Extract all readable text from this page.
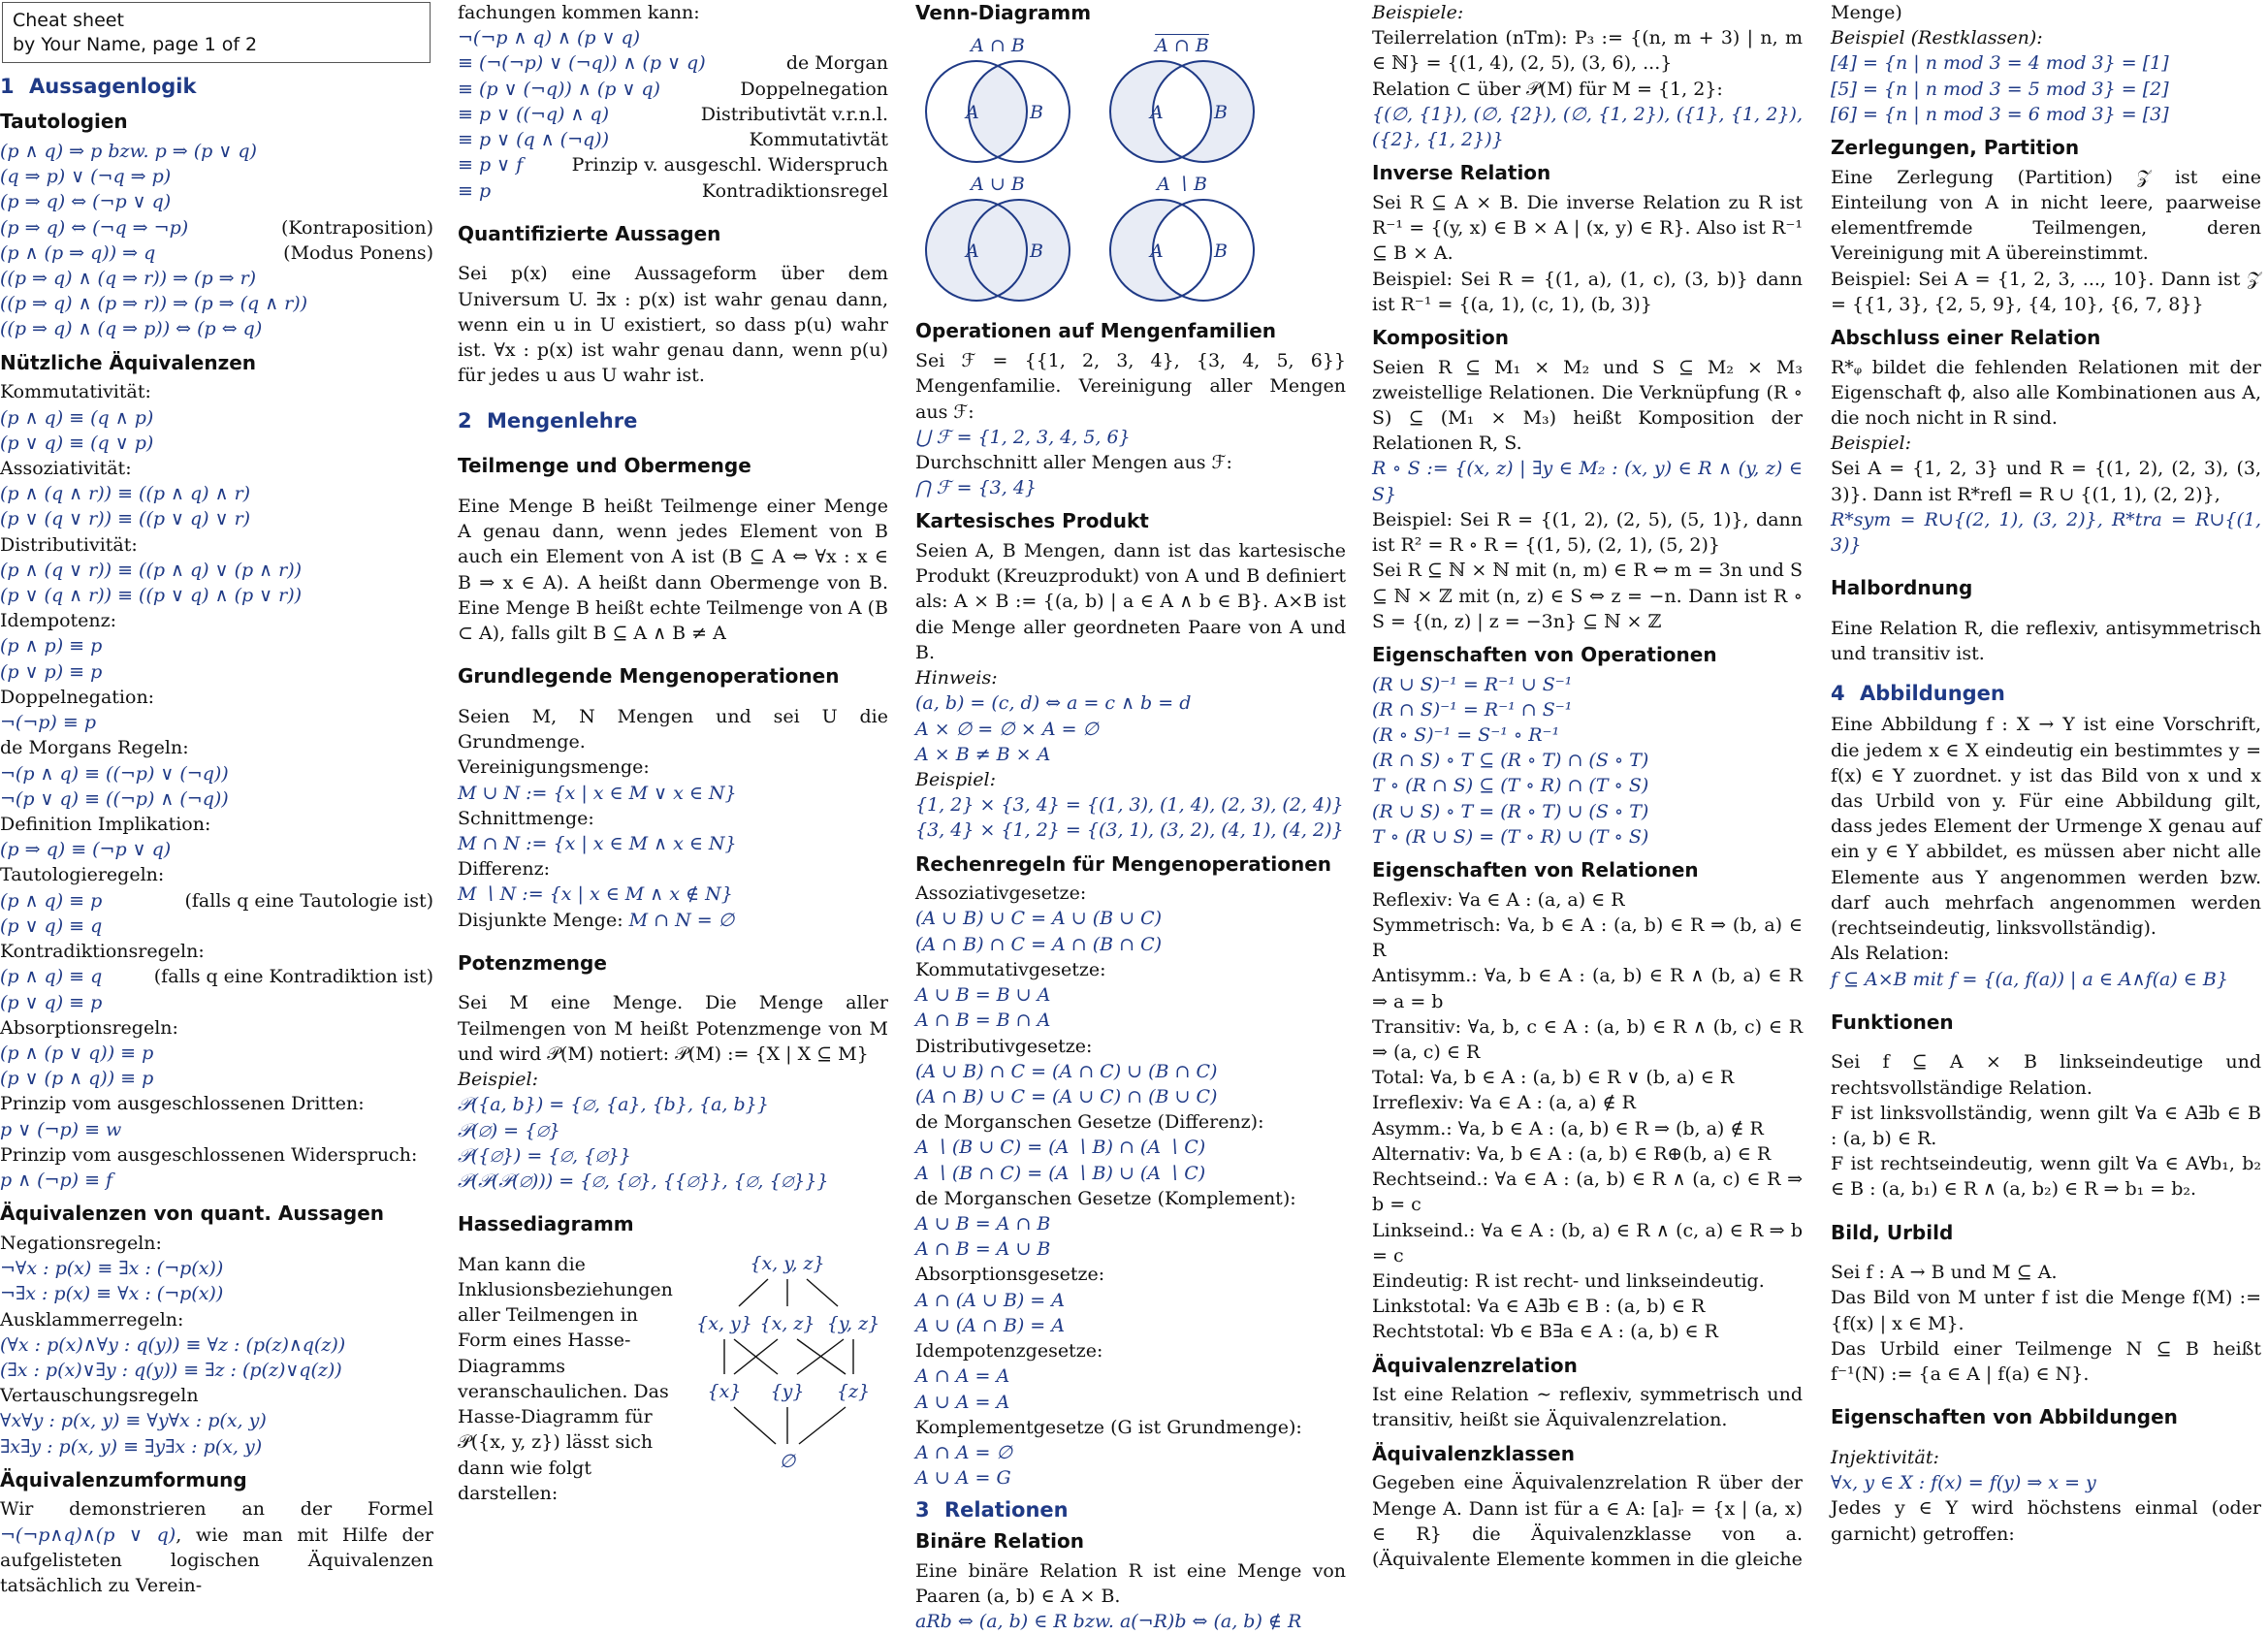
Cheat sheet
by Your Name, page 1 of 2
1 Aussagenlogik
Tautologien
(p ∧ q) ⇒ p bzw. p ⇒ (p ∨ q)
(q ⇒ p) ∨ (¬q ⇒ p)
(p ⇒ q) ⇔ (¬p ∨ q)
(p ⇒ q) ⇔ (¬q ⇒ ¬p)	(Kontraposition)
(p ∧ (p ⇒ q)) ⇒ q	(Modus Ponens)
((p ⇒ q) ∧ (q ⇒ r)) ⇒ (p ⇒ r)
((p ⇒ q) ∧ (p ⇒ r)) ⇒ (p ⇒ (q ∧ r))
((p ⇒ q) ∧ (q ⇒ p)) ⇔ (p ⇔ q)
Nützliche Äquivalenzen
Kommutativität:
(p ∧ q) ≡ (q ∧ p)
(p ∨ q) ≡ (q ∨ p)
Assoziativität:
(p ∧ (q ∧ r)) ≡ ((p ∧ q) ∧ r)
(p ∨ (q ∨ r)) ≡ ((p ∨ q) ∨ r)
Distributivität:
(p ∧ (q ∨ r)) ≡ ((p ∧ q) ∨ (p ∧ r))
(p ∨ (q ∧ r)) ≡ ((p ∨ q) ∧ (p ∨ r))
Idempotenz:
(p ∧ p) ≡ p
(p ∨ p) ≡ p
Doppelnegation:
¬(¬p) ≡ p
de Morgans Regeln:
¬(p ∧ q) ≡ ((¬p) ∨ (¬q))
¬(p ∨ q) ≡ ((¬p) ∧ (¬q))
Definition Implikation:
(p ⇒ q) ≡ (¬p ∨ q)
Tautologieregeln:
(p ∧ q) ≡ p	(falls q eine Tautologie ist)
(p ∨ q) ≡ q
Kontradiktionsregeln:
(p ∧ q) ≡ q	(falls q eine Kontradiktion ist)
(p ∨ q) ≡ p
Absorptionsregeln:
(p ∧ (p ∨ q)) ≡ p
(p ∨ (p ∧ q)) ≡ p
Prinzip vom ausgeschlossenen Dritten:
p ∨ (¬p) ≡ w
Prinzip vom ausgeschlossenen Widerspruch:
p ∧ (¬p) ≡ f
Äquivalenzen von quant. Aussagen
Negationsregeln:
¬∀x : p(x) ≡ ∃x : (¬p(x))
¬∃x : p(x) ≡ ∀x : (¬p(x))
Ausklammerregeln:
(∀x : p(x)∧∀y : q(y)) ≡ ∀z : (p(z)∧q(z))
(∃x : p(x)∨∃y : q(y)) ≡ ∃z : (p(z)∨q(z))
Vertauschungsregeln
∀x∀y : p(x, y) ≡ ∀y∀x : p(x, y)
∃x∃y : p(x, y) ≡ ∃y∃x : p(x, y)
Äquivalenzumformung

Wir demonstrieren an der Formel ¬(¬p∧q)∧(p ∨ q), wie man mit Hilfe der aufgelisteten logischen Äquivalenzen tatsächlich zu Verein-

fachungen kommen kann:
¬(¬p ∧ q) ∧ (p ∨ q)
≡ (¬(¬p) ∨ (¬q)) ∧ (p ∨ q)	de Morgan
≡ (p ∨ (¬q)) ∧ (p ∨ q)	Doppelnegation
≡ p ∨ ((¬q) ∧ q)	Distributivtät v.r.n.l.
≡ p ∨ (q ∧ (¬q))	Kommutativtät
≡ p ∨ f	Prinzip v. ausgeschl. Widerspruch
≡ p	Kontradiktionsregel
Quantifizierte Aussagen

Sei p(x) eine Aussageform über dem Universum U. ∃x : p(x) ist wahr genau dann, wenn ein u in U existiert, so dass p(u) wahr ist. ∀x : p(x) ist wahr genau dann, wenn p(u) für jedes u aus U wahr ist.

2 Mengenlehre
Teilmenge und Obermenge

Eine Menge B heißt Teilmenge einer Menge A genau dann, wenn jedes Element von B auch ein Element von A ist (B ⊆ A ⇔ ∀x : x ∈ B ⇒ x ∈ A). A heißt dann Obermenge von B. Eine Menge B heißt echte Teilmenge von A (B ⊂ A), falls gilt B ⊆ A ∧ B ≠ A

Grundlegende Mengenoperationen

Seien M, N Mengen und sei U die Grundmenge.

Vereinigungsmenge:
M ∪ N := {x | x ∈ M ∨ x ∈ N}
Schnittmenge:
M ∩ N := {x | x ∈ M ∧ x ∈ N}
Differenz:
M ∖ N := {x | x ∈ M ∧ x ∉ N}
Disjunkte Menge: M ∩ N = ∅
Potenzmenge

Sei M eine Menge. Die Menge aller Teilmengen von M heißt Potenzmenge von M und wird 𝒫(M) notiert: 𝒫(M) := {X | X ⊆ M}

Beispiel:
𝒫({a, b}) = {∅, {a}, {b}, {a, b}}
𝒫(∅) = {∅}
𝒫({∅}) = {∅, {∅}}
𝒫(𝒫(𝒫(∅))) = {∅, {∅}, {{∅}}, {∅, {∅}}}
Hassediagramm

Man kann die Inklusionsbeziehungen aller Teilmengen in Form eines Hasse-Diagramms veranschaulichen. Das Hasse-Diagramm für 𝒫({x, y, z}) lässt sich dann wie folgt darstellen:

{x, y, z}
{x, y} {x, z} {y, z}
{x} {y} {z}
∅
Venn-Diagramm
A ∩ B
A	B
A ∩ B
A	B
A ∪ B
A	B
A ∖ B
A	B
Operationen auf Mengenfamilien

Sei ℱ = {{1, 2, 3, 4}, {3, 4, 5, 6}} Mengenfamilie. Vereinigung aller Mengen aus ℱ:

⋃ ℱ = {1, 2, 3, 4, 5, 6}
Durchschnitt aller Mengen aus ℱ:
⋂ ℱ = {3, 4}
Kartesisches Produkt

Seien A, B Mengen, dann ist das kartesische Produkt (Kreuzprodukt) von A und B definiert als: A × B := {(a, b) | a ∈ A ∧ b ∈ B}. A×B ist die Menge aller geordneten Paare von A und B.

Hinweis:
(a, b) = (c, d) ⇔ a = c ∧ b = d
A × ∅ = ∅ × A = ∅
A × B ≠ B × A
Beispiel:
{1, 2} × {3, 4} = {(1, 3), (1, 4), (2, 3), (2, 4)}
{3, 4} × {1, 2} = {(3, 1), (3, 2), (4, 1), (4, 2)}
Rechenregeln für Mengenoperationen
Assoziativgesetze:
(A ∪ B) ∪ C = A ∪ (B ∪ C)
(A ∩ B) ∩ C = A ∩ (B ∩ C)
Kommutativgesetze:
A ∪ B = B ∪ A
A ∩ B = B ∩ A
Distributivgesetze:
(A ∪ B) ∩ C = (A ∩ C) ∪ (B ∩ C)
(A ∩ B) ∪ C = (A ∪ C) ∩ (B ∪ C)
de Morganschen Gesetze (Differenz):
A ∖ (B ∪ C) = (A ∖ B) ∩ (A ∖ C)
A ∖ (B ∩ C) = (A ∖ B) ∪ (A ∖ C)
de Morganschen Gesetze (Komplement):
A ∪ B = A ∩ B
A ∩ B = A ∪ B
Absorptionsgesetze:
A ∩ (A ∪ B) = A
A ∪ (A ∩ B) = A
Idempotenzgesetze:
A ∩ A = A
A ∪ A = A
Komplementgesetze (G ist Grundmenge):
A ∩ A = ∅
A ∪ A = G
3 Relationen
Binäre Relation

Eine binäre Relation R ist eine Menge von Paaren (a, b) ∈ A × B.

aRb ⇔ (a, b) ∈ R bzw. a(¬R)b ⇔ (a, b) ∉ R
Beispiele:

Teilerrelation (nTm): P₃ := {(n, m + 3) | n, m ∈ ℕ} = {(1, 4), (2, 5), (3, 6), ...}

Relation ⊂ über 𝒫(M) für M = {1, 2}:

{(∅, {1}), (∅, {2}), (∅, {1, 2}), ({1}, {1, 2}), ({2}, {1, 2})}

Inverse Relation

Sei R ⊆ A × B. Die inverse Relation zu R ist R⁻¹ = {(y, x) ∈ B × A | (x, y) ∈ R}. Also ist R⁻¹ ⊆ B × A.

Beispiel: Sei R = {(1, a), (1, c), (3, b)} dann ist R⁻¹ = {(a, 1), (c, 1), (b, 3)}

Komposition

Seien R ⊆ M₁ × M₂ und S ⊆ M₂ × M₃ zweistellige Relationen. Die Verknüpfung (R ∘ S) ⊆ (M₁ × M₃) heißt Komposition der Relationen R, S.

R ∘ S := {(x, z) | ∃y ∈ M₂ : (x, y) ∈ R ∧ (y, z) ∈ S}

Beispiel: Sei R = {(1, 2), (2, 5), (5, 1)}, dann ist R² = R ∘ R = {(1, 5), (2, 1), (5, 2)}

Sei R ⊆ ℕ × ℕ mit (n, m) ∈ R ⇔ m = 3n und S ⊆ ℕ × ℤ mit (n, z) ∈ S ⇔ z = −n. Dann ist R ∘ S = {(n, z) | z = −3n} ⊆ ℕ × ℤ

Eigenschaften von Operationen
(R ∪ S)⁻¹ = R⁻¹ ∪ S⁻¹
(R ∩ S)⁻¹ = R⁻¹ ∩ S⁻¹
(R ∘ S)⁻¹ = S⁻¹ ∘ R⁻¹
(R ∩ S) ∘ T ⊆ (R ∘ T) ∩ (S ∘ T)
T ∘ (R ∩ S) ⊆ (T ∘ R) ∩ (T ∘ S)
(R ∪ S) ∘ T = (R ∘ T) ∪ (S ∘ T)
T ∘ (R ∪ S) = (T ∘ R) ∪ (T ∘ S)
Eigenschaften von Relationen

Reflexiv: ∀a ∈ A : (a, a) ∈ R

Symmetrisch: ∀a, b ∈ A : (a, b) ∈ R ⇒ (b, a) ∈ R

Antisymm.: ∀a, b ∈ A : (a, b) ∈ R ∧ (b, a) ∈ R ⇒ a = b

Transitiv: ∀a, b, c ∈ A : (a, b) ∈ R ∧ (b, c) ∈ R ⇒ (a, c) ∈ R

Total: ∀a, b ∈ A : (a, b) ∈ R ∨ (b, a) ∈ R

Irreflexiv: ∀a ∈ A : (a, a) ∉ R

Asymm.: ∀a, b ∈ A : (a, b) ∈ R ⇒ (b, a) ∉ R

Alternativ: ∀a, b ∈ A : (a, b) ∈ R⊕(b, a) ∈ R

Rechtseind.: ∀a ∈ A : (a, b) ∈ R ∧ (a, c) ∈ R ⇒ b = c

Linkseind.: ∀a ∈ A : (b, a) ∈ R ∧ (c, a) ∈ R ⇒ b = c

Eindeutig: R ist recht- und linkseindeutig.

Linkstotal: ∀a ∈ A∃b ∈ B : (a, b) ∈ R

Rechtstotal: ∀b ∈ B∃a ∈ A : (a, b) ∈ R

Äquivalenzrelation

Ist eine Relation ∼ reflexiv, symmetrisch und transitiv, heißt sie Äquivalenzrelation.

Äquivalenzklassen

Gegeben eine Äquivalenzrelation R über der Menge A. Dann ist für a ∈ A: [a]ᵣ = {x | (a, x) ∈ R} die Äquivalenzklasse von a. (Äquivalente Elemente kommen in die gleiche

Menge)
Beispiel (Restklassen):
[4] = {n | n mod 3 = 4 mod 3} = [1]
[5] = {n | n mod 3 = 5 mod 3} = [2]
[6] = {n | n mod 3 = 6 mod 3} = [3]
Zerlegungen, Partition

Eine Zerlegung (Partition) 𝒵 ist eine Einteilung von A in nicht leere, paarweise elementfremde Teilmengen, deren Vereinigung mit A übereinstimmt.

Beispiel: Sei A = {1, 2, 3, ..., 10}. Dann ist 𝒵 = {{1, 3}, {2, 5, 9}, {4, 10}, {6, 7, 8}}

Abschluss einer Relation

R*ᵩ bildet die fehlenden Relationen mit der Eigenschaft ϕ, also alle Kombinationen aus A, die noch nicht in R sind.

Beispiel:

Sei A = {1, 2, 3} und R = {(1, 2), (2, 3), (3, 3)}. Dann ist R*refl = R ∪ {(1, 1), (2, 2)},

R*sym = R∪{(2, 1), (3, 2)}, R*tra = R∪{(1, 3)}

Halbordnung

Eine Relation R, die reflexiv, antisymmetrisch und transitiv ist.

4 Abbildungen

Eine Abbildung f : X → Y ist eine Vorschrift, die jedem x ∈ X eindeutig ein bestimmtes y = f(x) ∈ Y zuordnet. y ist das Bild von x und x das Urbild von y. Für eine Abbildung gilt, dass jedes Element der Urmenge X genau auf ein y ∈ Y abbildet, es müssen aber nicht alle Elemente aus Y angenommen werden bzw. darf auch mehrfach angenommen werden (rechtseindeutig, linksvollständig).

Als Relation:

f ⊆ A×B mit f = {(a, f(a)) | a ∈ A∧f(a) ∈ B}

Funktionen

Sei f ⊆ A × B linkseindeutige und rechtsvollständige Relation.

F ist linksvollständig, wenn gilt ∀a ∈ A∃b ∈ B : (a, b) ∈ R.

F ist rechtseindeutig, wenn gilt ∀a ∈ A∀b₁, b₂ ∈ B : (a, b₁) ∈ R ∧ (a, b₂) ∈ R ⇒ b₁ = b₂.

Bild, Urbild

Sei f : A → B und M ⊆ A.

Das Bild von M unter f ist die Menge f(M) := {f(x) | x ∈ M}.

Das Urbild einer Teilmenge N ⊆ B heißt f⁻¹(N) := {a ∈ A | f(a) ∈ N}.

Eigenschaften von Abbildungen
Injektivität:
∀x, y ∈ X : f(x) = f(y) ⇒ x = y

Jedes y ∈ Y wird höchstens einmal (oder garnicht) getroffen:
